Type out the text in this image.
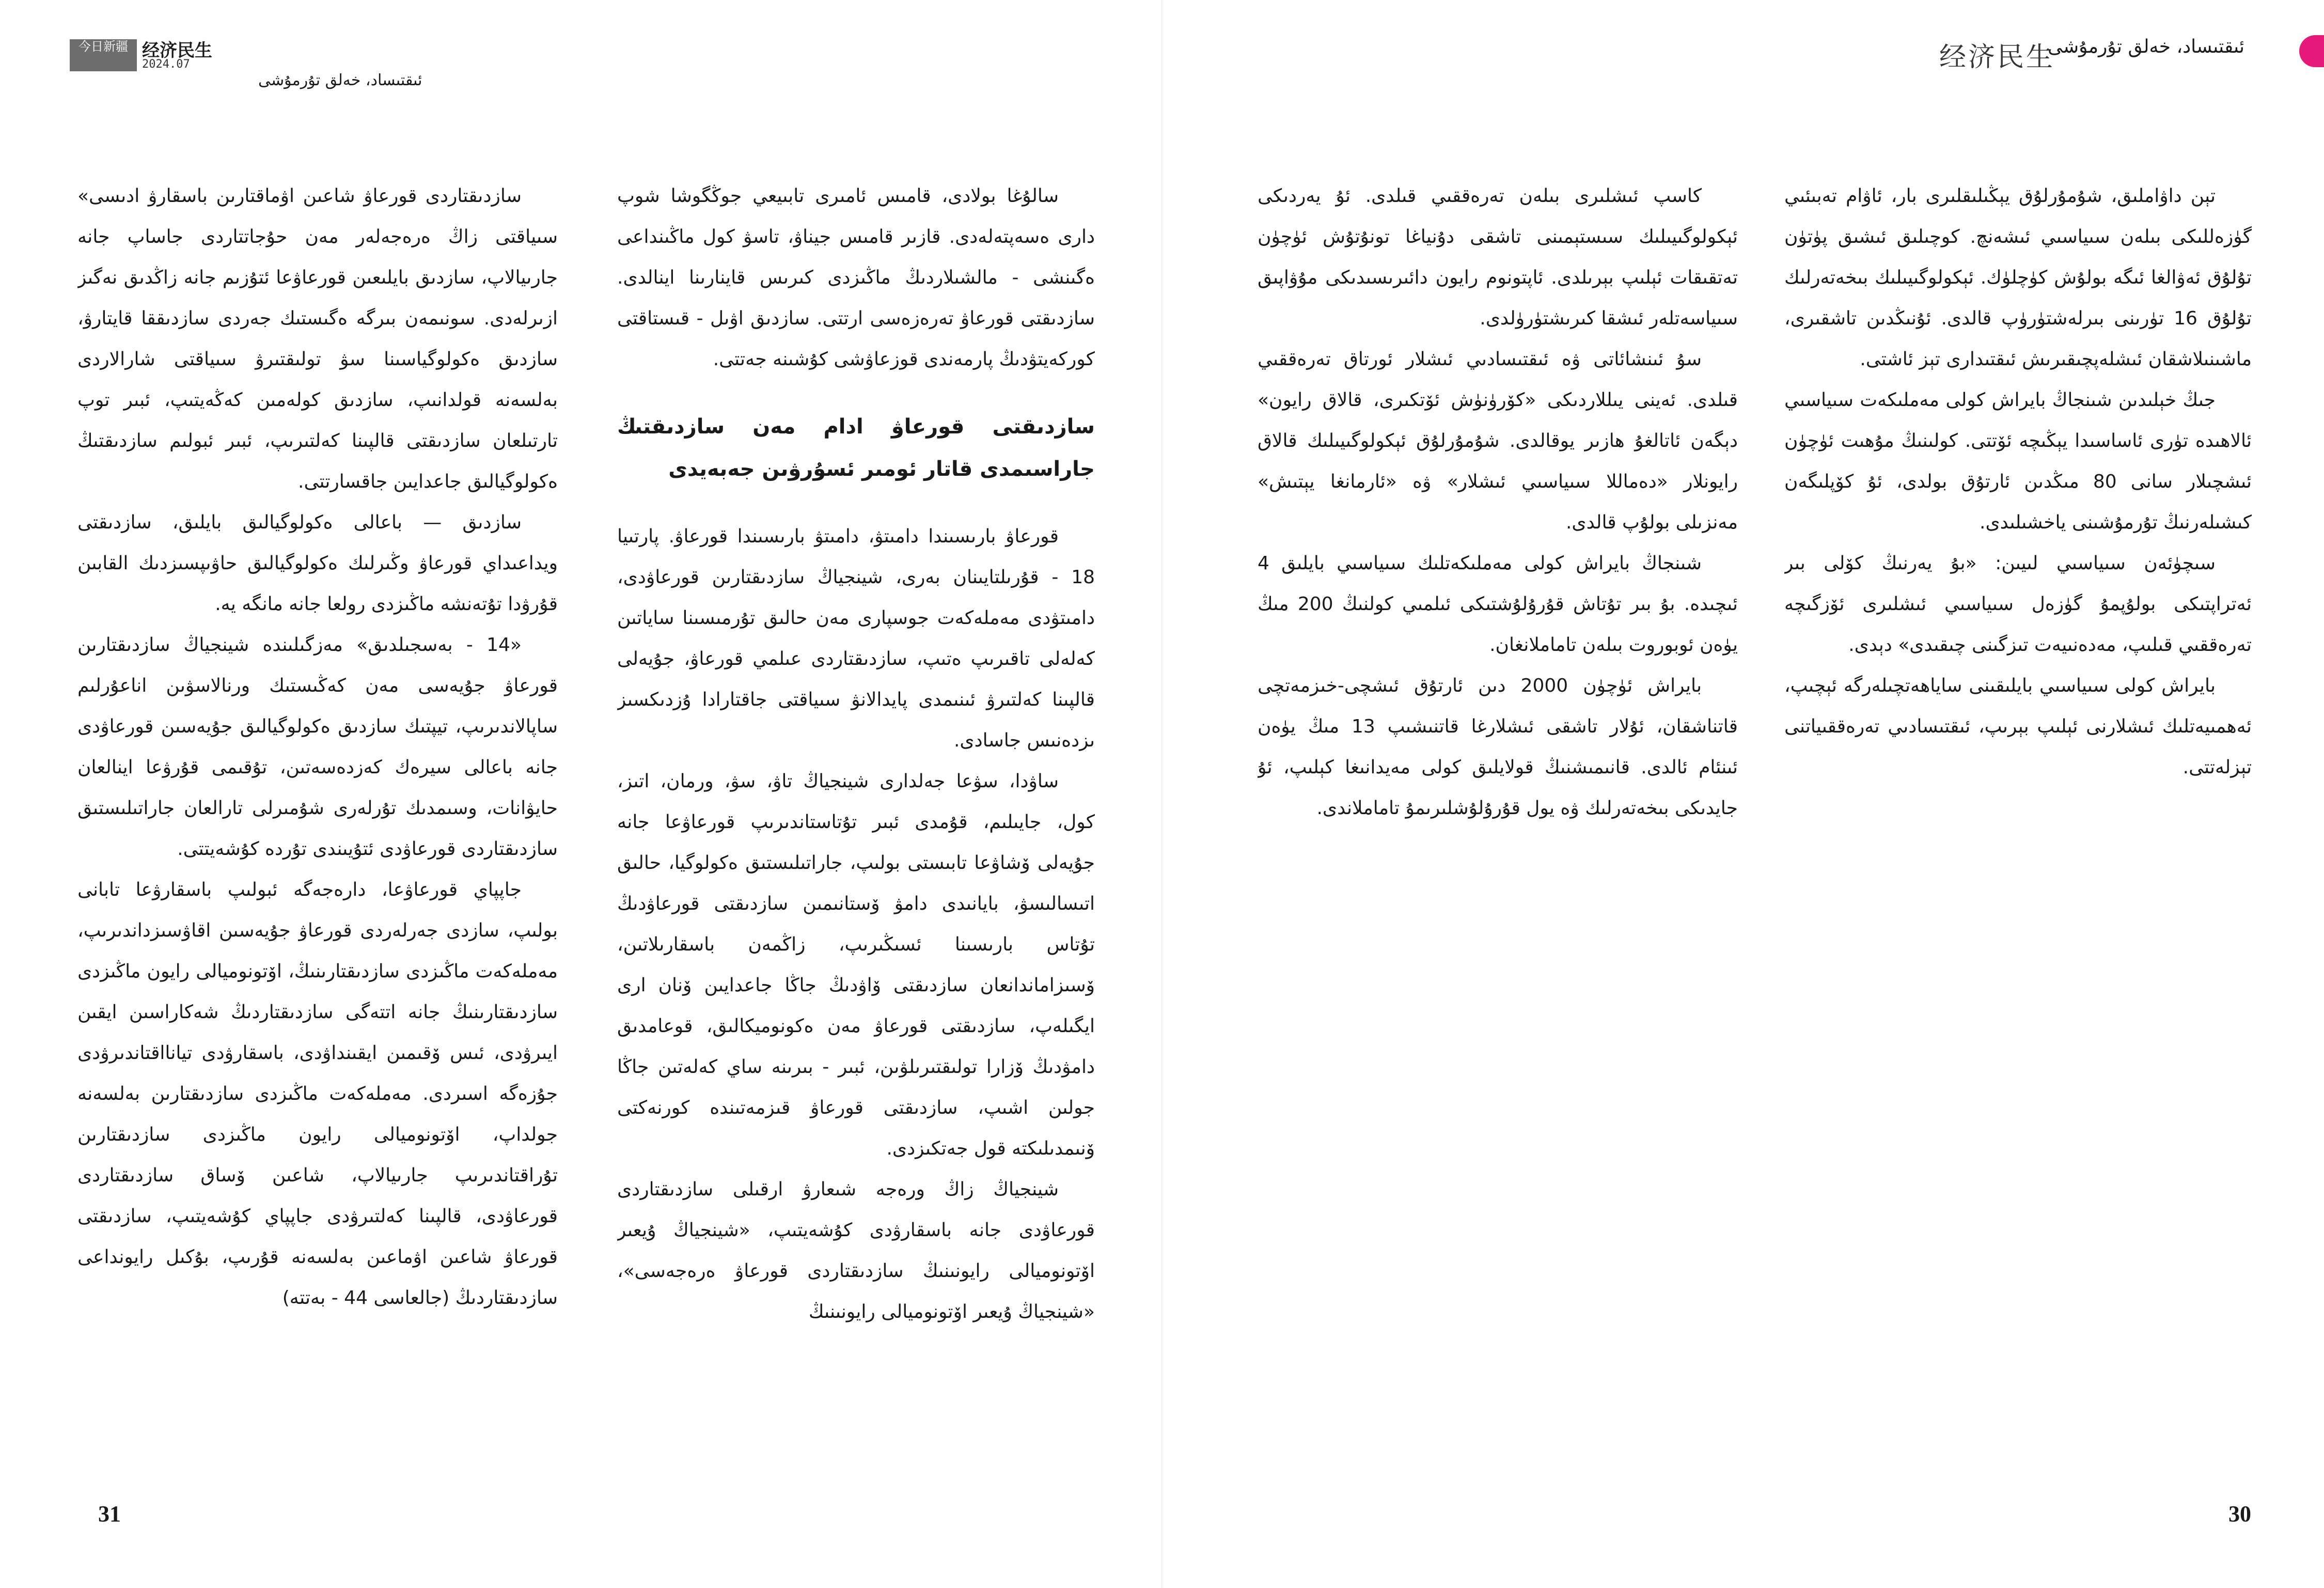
今日新疆 经济民生
2024.07
ئىقتىساد، خەلق تۇرمۇشى
经济民生
ئىقتىساد، خەلق تۇرمۇشى

تېن داۋاملىق، شۇمۇرلۇق يېڭىلىقلىرى بار، ئاۋام تەبىئىي گۈزەللىكى بىلەن سىياسىي ئىشەنچ. كوچىلىق ئىشىق پۈتۈن تۇلۇق ئەۋالغا ئىگە بولۇش كۈچلۈك. ئېكولوگىيىلىك بىخەتەرلىك تۇلۇق 16 تۈرىنى بىرلەشتۈرۈپ قالدى. ئۇنىڭدىن تاشقىرى، ماشىنىلاشقان ئىشلەپچىقىرىش ئىقتىدارى تېز ئاشتى.

جىڭ خېلىدىن شىنجاڭ بايراش كولى مەملىكەت سىياسىي ئالاھىدە تۈرى ئاساسىدا يېڭىچە ئۆتتى. كولىنىڭ مۇھىت ئۈچۈن ئىشچىلار سانى 80 مىڭدىن ئارتۇق بولدى، ئۇ كۆپلىگەن كىشىلەرنىڭ تۇرمۇشىنى ياخشىلىدى.

سىچۈئەن سىياسىي لىيىن: «بۇ يەرنىڭ كۆلى بىر ئەتراپتىكى بولۇپمۇ گۈزەل سىياسىي ئىشلىرى ئۆزگىچە تەرەققىي قىلىپ، مەدەنىيەت تىزگىنى چىقىدى» دېدى.

بايراش كولى سىياسىي بايلىقىنى ساياھەتچىلەرگە ئېچىپ، ئەھمىيەتلىك ئىشلارنى ئېلىپ بېرىپ، ئىقتىسادىي تەرەققىياتنى تېزلەتتى.

كاسپ ئىشلىرى بىلەن تەرەققىي قىلدى. ئۇ يەردىكى ئېكولوگىيىلىك سىستېمىنى تاشقى دۇنياغا تونۇتۇش ئۈچۈن تەتقىقات ئېلىپ بېرىلدى. ئاپتونوم رايون دائىرىسىدىكى مۇۋاپىق سىياسەتلەر ئىشقا كىرىشتۈرۈلدى.

سۇ ئىنشائاتى ۋە ئىقتىسادىي ئىشلار ئورتاق تەرەققىي قىلدى. ئەينى يىللاردىكى «كۆرۈنۈش ئۆتكىرى، قالاق رايون» دېگەن ئاتالغۇ ھازىر يوقالدى. شۇمۇرلۇق ئېكولوگىيىلىك قالاق رايونلار «دەماللا سىياسىي ئىشلار» ۋە «ئارمانغا يېتىش» مەنزىلى بولۇپ قالدى.

شىنجاڭ بايراش كولى مەملىكەتلىك سىياسىي بايلىق 4 ئىچىدە. بۇ بىر تۇتاش قۇرۇلۇشتىكى ئىلمىي كولنىڭ 200 مىڭ يۈەن ئوبوروت بىلەن تاماملانغان.

بايراش ئۈچۈن 2000 دىن ئارتۇق ئىشچى-خىزمەتچى قاتناشقان، ئۇلار تاشقى ئىشلارغا قاتنىشىپ 13 مىڭ يۈەن ئىنئام ئالدى. قانىمىشنىڭ قولايلىق كولى مەيدانىغا كېلىپ، ئۇ جايدىكى بىخەتەرلىك ۋە يول قۇرۇلۇشلىرىمۇ تاماملاندى.

سالۇغا بولادى، قامىس ئامىرى تابىيعي جوڭگوشا شوپ دارى ەسەپتەلەدى. قازىر قامىس جيناۋ، تاسۋ كول ماڭىنداعى ەگىنشى - مالشىلاردىڭ ماڭىزدى كىرىس قاينارىنا اينالدى. سازدىقتى قورعاۋ تەرەزەسى ارتتى. سازدىق اۋىل - قىستاقتى كوركەيتۋدىڭ پارمەندى قوزعاۋشى كۇشىنە جەتتى.

سازدىقتى قورعاۋ ادام مەن سازدىقتىڭ جاراسىمدى قاتار ئومىر ئسۇرۋىن جەبەيدى

قورعاۋ بارىسىندا دامىتۋ، دامىتۋ بارىسىندا قورعاۋ. پارتىيا 18 - قۇرىلتايىنان بەرى، شينجياڭ سازدىقتارىن قورعاۋدى، دامىتۋدى مەملەكەت جوسپارى مەن حالىق تۇرمىسىنا ساياتىن كەلەلى تاقىرىپ ەتىپ، سازدىقتاردى عىلمي قورعاۋ، جۇيەلى قالپىنا كەلتىرۋ ئىنىمدى پايدالانۋ سىياقتى جاقتارادا ۇزدىكسىز ىزدەنىس جاسادى.

ساۋدا، سۋعا جەلدارى شينجياڭ تاۋ، سۋ، ورمان، اتىز، كول، جايىلىم، قۇمدى ئبىر تۇتاستاندىرىپ قورعاۋعا جانە جۇيەلى ۆشاۋعا تابىستى بولىپ، جاراتىلىستىق ەكولوگيا، حالىق اتىسالىسۋ، بايانىدى دامۋ ۆستانىمىن سازدىقتى قورعاۋدىڭ تۇتاس بارىسىنا ئسىڭىرىپ، زاڭمەن باسقارىلاتىن، ۆسىزاماندانعان سازدىقتى ۆاۋدىڭ جاڭا جاعدايىن ۆنان ارى ايگىلەپ، سازدىقتى قورعاۋ مەن ەكونوميكالىق، قوعامدىق دامۋدىڭ ۆزارا تولىقتىرىلۋىن، ئبىر - بىرىنە ساي كەلەتىن جاڭا جولىن اشىپ، سازدىقتى قورعاۋ قىزمەتىندە كورنەكتى ۆنىمدىلىكتە قول جەتكىزدى.

شينجياڭ زاڭ ورەجە شىعارۋ ارقىلى سازدىقتاردى قورعاۋدى جانە باسقارۋدى كۇشەيتىپ، «شينجياڭ ۇيعىر اۆتونوميالى رايونىنىڭ سازدىقتاردى قورعاۋ ەرەجەسى»، «شينجياڭ ۇيعىر اۆتونوميالى رايونىنىڭ

سازدىقتاردى قورعاۋ شاعىن اۋماقتارىن باسقارۋ ادىسى» سىياقتى زاڭ ەرەجەلەر مەن حۇجاتتاردى جاساپ جانە جارىيالاپ، سازدىق بايلىعىن قورعاۋعا ئتۇزىم جانە زاڭدىق نەگىز ازىرلەدى. سونىمەن بىرگە ەگىستىك جەردى سازدىققا قايتارۋ، سازدىق ەكولوگياسىنا سۋ تولىقتىرۋ سىياقتى شارالاردى بەلسەنە قولدانىپ، سازدىق كولەمىن كەڭەيتىپ، ئبىر توپ تارتىلعان سازدىقتى قالپىنا كەلتىرىپ، ئبىر ئبولىم سازدىقتىڭ ەكولوگيالىق جاعدايىن جاقسارتتى.

سازدىق — باعالى ەكولوگيالىق بايلىق، سازدىقتى ويداعىداي قورعاۋ وڭىرلىك ەكولوگيالىق حاۋىپسىزدىك القابىن قۇرۋدا تۇتەنشە ماڭىزدى رولعا جانە مانگه يه.

«14 - بەسجىلدىق» مەزگىلىندە شينجياڭ سازدىقتارىن قورعاۋ جۇيەسى مەن كەڭىستىك ورنالاسۋىن اناعۇرلىم ساپالاندىرىپ، تيپتىك سازدىق ەكولوگيالىق جۇيەسىن قورعاۋدى جانە باعالى سيرەك كەزدەسەتىن، تۇقىمى قۇرۋعا اينالعان حايۋانات، وسىمدىك تۇرلەرى شۇمىرلى تارالعان جاراتىلىستىق سازدىقتاردى قورعاۋدى ئتۇيىندى تۇردە كۇشەيتتى.

جاپپاي قورعاۋعا، دارەجەگە ئبولىپ باسقارۋعا تابانى بولىپ، سازدى جەرلەردى قورعاۋ جۇيەسىن اقاۋسىزداندىرىپ، مەملەكەت ماڭىزدى سازدىقتارىنىڭ، اۆتونوميالى رايون ماڭىزدى سازدىقتارىنىڭ جانە اتتەگى سازدىقتاردىڭ شەكاراسىن ايقىن ايىرۋدى، ئىس ۆقىمىن ايقىنداۋدى، باسقارۋدى تيانااقتاندىرۋدى جۇزەگە اسىردى. مەملەكەت ماڭىزدى سازدىقتارىن بەلسەنە جولداپ، اۆتونوميالى رايون ماڭىزدى سازدىقتارىن تۇراقتاندىرىپ جارىيالاپ، شاعىن ۆساق سازدىقتاردى قورعاۋدى، قالپىنا كەلتىرۋدى جاپپاي كۇشەيتىپ، سازدىقتى قورعاۋ شاعىن اۋماعىن بەلسەنە قۇرىپ، بۇكىل رايونداعى سازدىقتاردىڭ (جالعاسى 44 - بەتتە)

31	30
